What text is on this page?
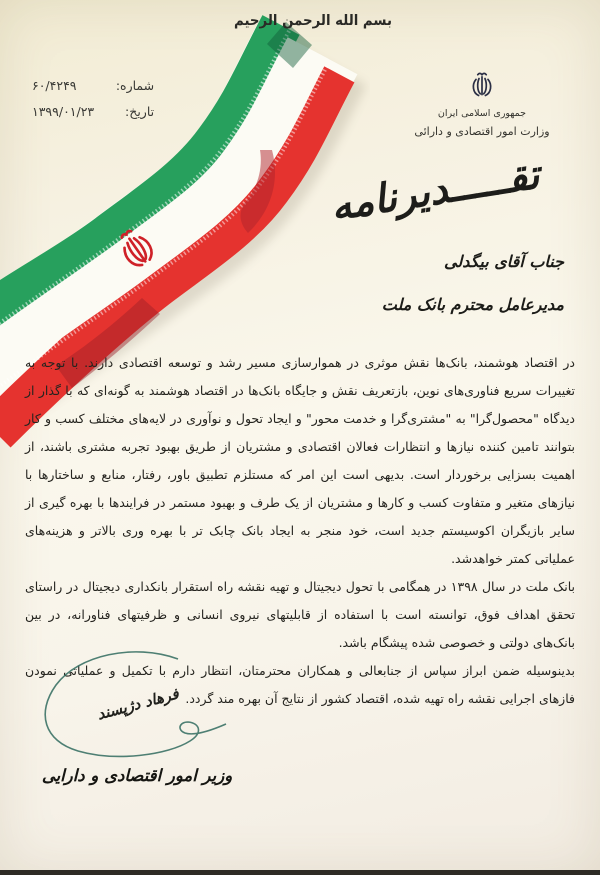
بسم الله الرحمن الرحیم
شماره:
۶۰/۴۲۴۹
تاریخ:
۱۳۹۹/۰۱/۲۳	جمهوری اسلامی ایران
وزارت امور اقتصادی و دارائی
تقـــــدیرنامه
جناب آقای بیگدلی
مدیرعامل محترم بانک ملت

در اقتصاد هوشمند، بانک‌ها نقش موثری در هموارسازی مسیر رشد و توسعه اقتصادی دارند. با توجه به تغییرات سریع فناوری‌های نوین، بازتعریف نقش و جایگاه بانک‌ها در اقتصاد هوشمند به گونه‌ای که با گذار از دیدگاه "محصول‌گرا" به "مشتری‌گرا و خدمت محور" و ایجاد تحول و نوآوری در لایه‌های مختلف کسب و کار بتوانند تامین کننده نیازها و انتظارات فعالان اقتصادی و مشتریان از طریق بهبود تجربه مشتری باشند، از اهمیت بسزایی برخوردار است. بدیهی است این امر که مستلزم تطبیق باور، رفتار، منابع و ساختارها با نیازهای متغیر و متفاوت کسب و کارها و مشتریان از یک طرف و بهبود مستمر در فرایندها با بهره گیری از سایر بازیگران اکوسیستم جدید است، خود منجر به ایجاد بانک چابک تر با بهره وری بالاتر و هزینه‌های عملیاتی کمتر خواهدشد.

بانک ملت در سال ۱۳۹۸ در همگامی با تحول دیجیتال و تهیه نقشه راه استقرار بانکداری دیجیتال در راستای تحقق اهداف فوق، توانسته است با استفاده از قابلیتهای نیروی انسانی و ظرفیتهای فناورانه، در بین بانک‌های دولتی و خصوصی شده پیشگام باشد.

بدینوسیله ضمن ابراز سپاس از جنابعالی و همکاران محترمتان، انتظار دارم با تکمیل و عملیاتی نمودن فازهای اجرایی نقشه راه تهیه شده، اقتصاد کشور از نتایج آن بهره مند گردد.

فرهاد دژپسند
وزیر امور اقتصادی و دارایی
